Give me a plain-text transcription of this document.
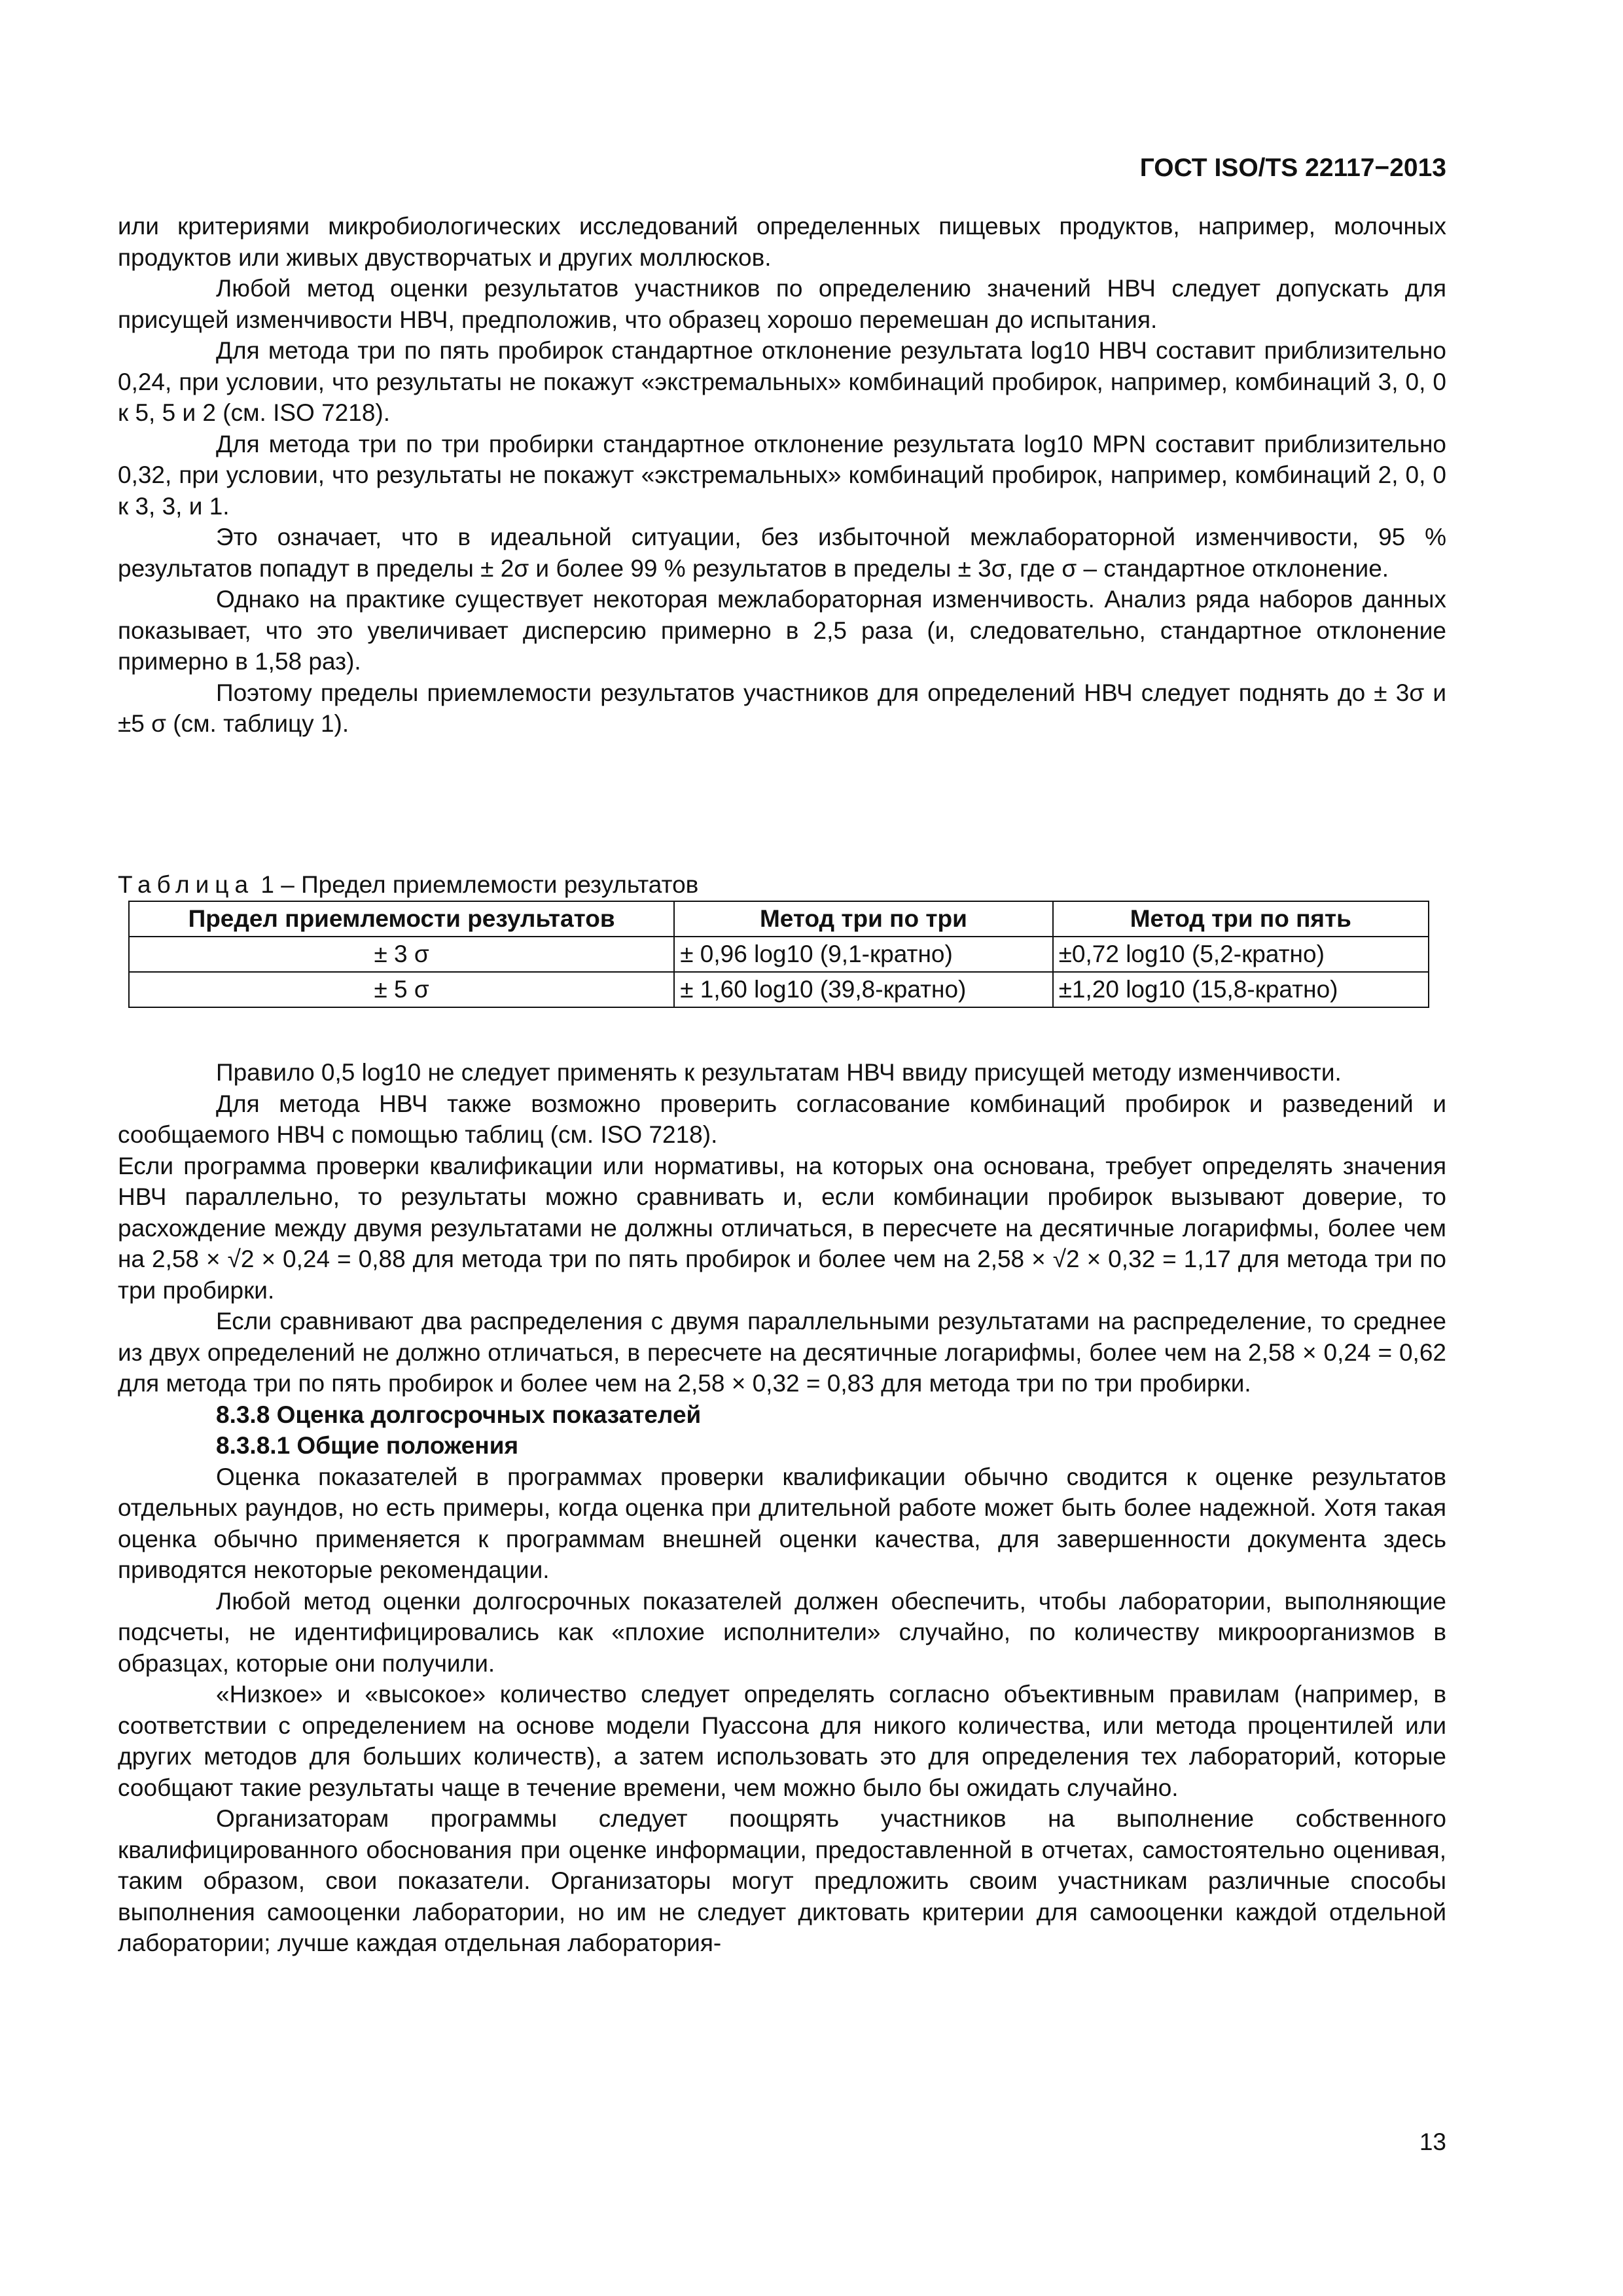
ГОСТ ISO/TS 22117−2013

или критериями микробиологических исследований определенных пищевых продуктов, например, молочных продуктов или живых двустворчатых и других моллюсков.

Любой метод оценки результатов участников по определению значений НВЧ следует допускать для присущей изменчивости НВЧ, предположив, что образец хорошо перемешан до испытания.

Для метода три по пять пробирок стандартное отклонение результата log10 НВЧ составит приблизительно 0,24, при условии, что результаты не покажут «экстремальных» комбинаций пробирок, например, комбинаций 3, 0, 0 к 5, 5 и 2 (см. ISO 7218).

Для метода три по три пробирки стандартное отклонение результата log10 MPN составит приблизительно 0,32, при условии, что результаты не покажут «экстремальных» комбинаций пробирок, например, комбинаций 2, 0, 0 к 3, 3, и 1.

Это означает, что в идеальной ситуации, без избыточной межлабораторной изменчивости, 95 % результатов попадут в пределы ± 2σ и более 99 % результатов в пределы ± 3σ, где σ – стандартное отклонение.

Однако на практике существует некоторая межлабораторная изменчивость. Анализ ряда наборов данных показывает, что это увеличивает дисперсию примерно в 2,5 раза (и, следовательно, стандартное отклонение примерно в 1,58 раз).

Поэтому пределы приемлемости результатов участников для определений НВЧ следует поднять до ± 3σ и ±5 σ (см. таблицу 1).

Таблица 1 – Предел приемлемости результатов
Предел приемлемости результатов	Метод три по три	Метод три по пять
± 3 σ	± 0,96 log10 (9,1-кратно)	±0,72 log10 (5,2-кратно)
± 5 σ	± 1,60 log10 (39,8-кратно)	±1,20 log10 (15,8-кратно)

Правило 0,5 log10 не следует применять к результатам НВЧ ввиду присущей методу изменчивости.

Для метода НВЧ также возможно проверить согласование комбинаций пробирок и разведений и сообщаемого НВЧ с помощью таблиц (см. ISO 7218).

Если программа проверки квалификации или нормативы, на которых она основана, требует определять значения НВЧ параллельно, то результаты можно сравнивать и, если комбинации пробирок вызывают доверие, то расхождение между двумя результатами не должны отличаться, в пересчете на десятичные логарифмы, более чем на 2,58 × √2 × 0,24 = 0,88 для метода три по пять пробирок и более чем на 2,58 × √2 × 0,32 = 1,17 для метода три по три пробирки.

Если сравнивают два распределения с двумя параллельными результатами на распределение, то среднее из двух определений не должно отличаться, в пересчете на десятичные логарифмы, более чем на 2,58 × 0,24 = 0,62 для метода три по пять пробирок и более чем на 2,58 × 0,32 = 0,83 для метода три по три пробирки.

8.3.8 Оценка долгосрочных показателей

8.3.8.1 Общие положения

Оценка показателей в программах проверки квалификации обычно сводится к оценке результатов отдельных раундов, но есть примеры, когда оценка при длительной работе может быть более надежной. Хотя такая оценка обычно применяется к программам внешней оценки качества, для завершенности документа здесь приводятся некоторые рекомендации.

Любой метод оценки долгосрочных показателей должен обеспечить, чтобы лаборатории, выполняющие подсчеты, не идентифицировались как «плохие исполнители» случайно, по количеству микроорганизмов в образцах, которые они получили.

«Низкое» и «высокое» количество следует определять согласно объективным правилам (например, в соответствии с определением на основе модели Пуассона для никого количества, или метода процентилей или других методов для больших количеств), а затем использовать это для определения тех лабораторий, которые сообщают такие результаты чаще в течение времени, чем можно было бы ожидать случайно.

Организаторам программы следует поощрять участников на выполнение собственного квалифицированного обоснования при оценке информации, предоставленной в отчетах, самостоятельно оценивая, таким образом, свои показатели. Организаторы могут предложить своим участникам различные способы выполнения самооценки лаборатории, но им не следует диктовать критерии для самооценки каждой отдельной лаборатории; лучше каждая отдельная лаборатория-

13
